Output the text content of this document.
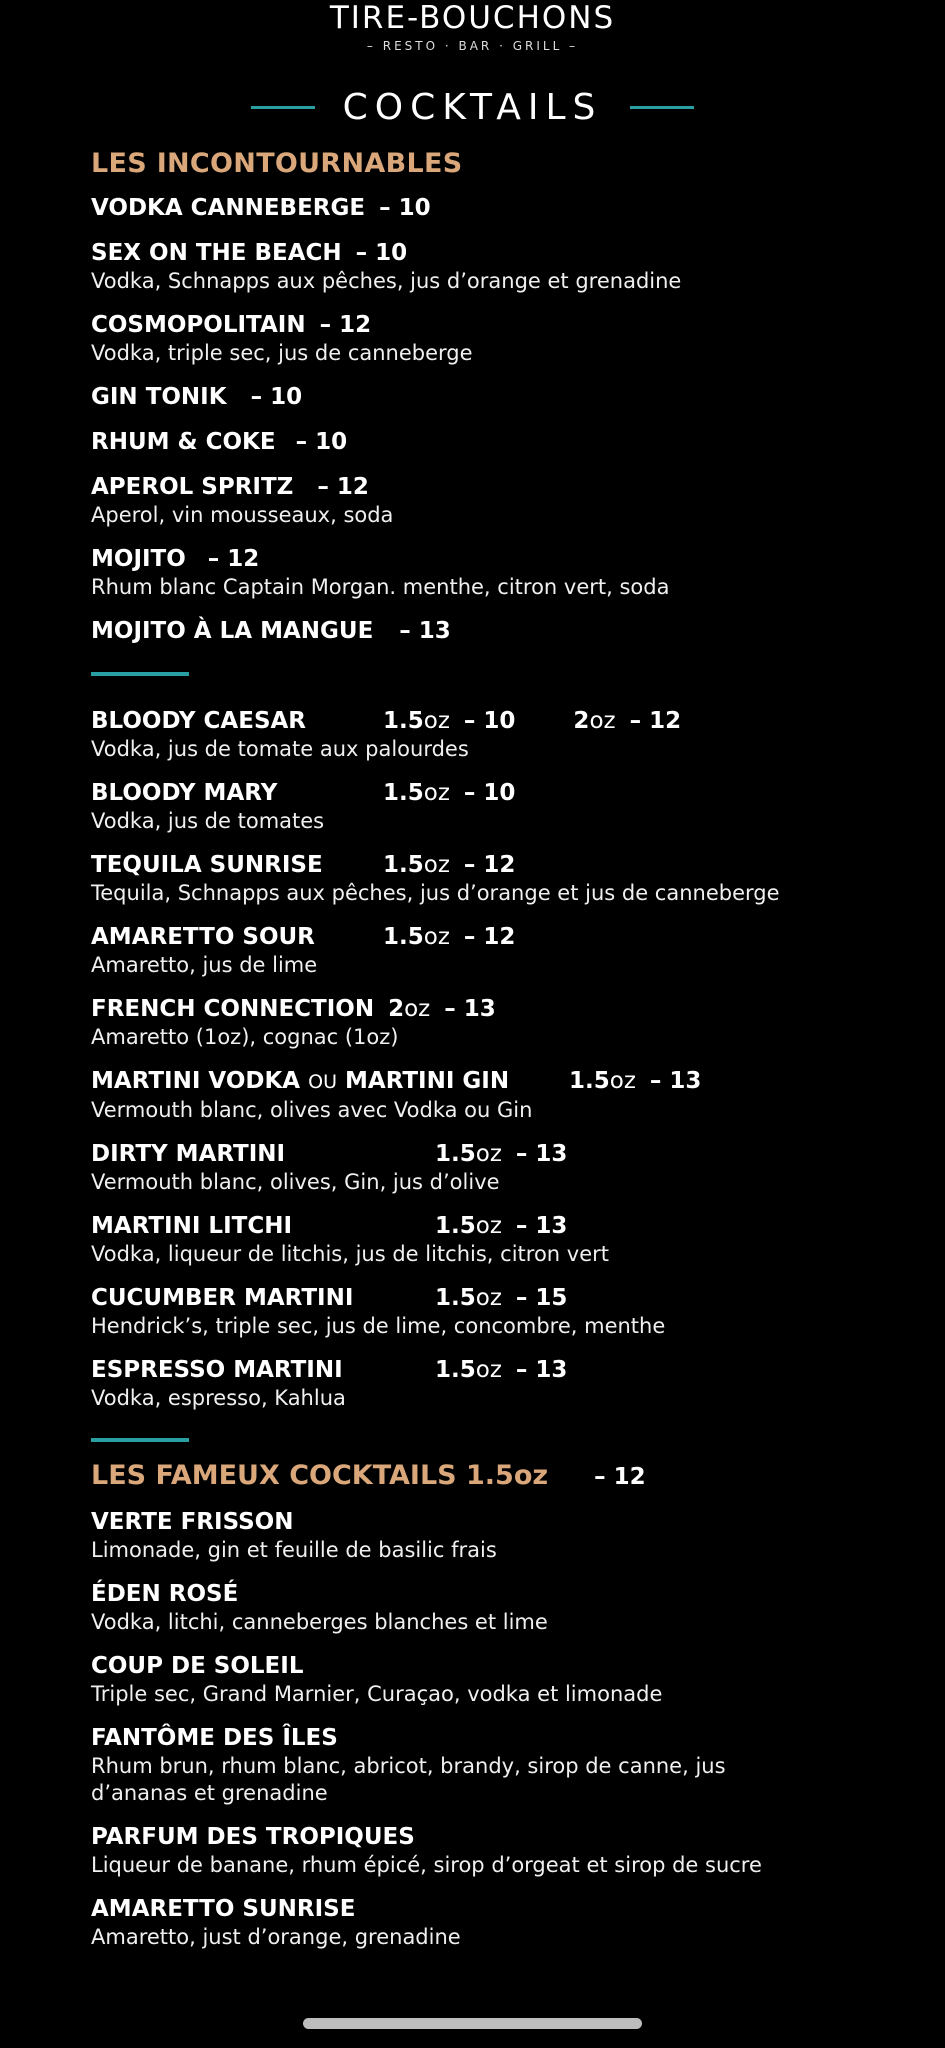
TIRE-BOUCHONS
– RESTO · BAR · GRILL –
COCKTAILS
LES INCONTOURNABLES
VODKA CANNEBERGE – 10
SEX ON THE BEACH – 10
Vodka, Schnapps aux pêches, jus d’orange et grenadine
COSMOPOLITAIN – 12
Vodka, triple sec, jus de canneberge
GIN TONIK – 10
RHUM & COKE – 10
APEROL SPRITZ – 12
Aperol, vin mousseaux, soda
MOJITO – 12
Rhum blanc Captain Morgan. menthe, citron vert, soda
MOJITO À LA MANGUE – 13
BLOODY CAESAR	1.5oz – 10	2oz – 12
Vodka, jus de tomate aux palourdes
BLOODY MARY	1.5oz – 10
Vodka, jus de tomates
TEQUILA SUNRISE	1.5oz – 12
Tequila, Schnapps aux pêches, jus d’orange et jus de canneberge
AMARETTO SOUR	1.5oz – 12
Amaretto, jus de lime
FRENCH CONNECTION 2oz – 13
Amaretto (1oz), cognac (1oz)
MARTINI VODKA OU MARTINI GIN	1.5oz – 13
Vermouth blanc, olives avec Vodka ou Gin
DIRTY MARTINI	1.5oz – 13
Vermouth blanc, olives, Gin, jus d’olive
MARTINI LITCHI	1.5oz – 13
Vodka, liqueur de litchis, jus de litchis, citron vert
CUCUMBER MARTINI	1.5oz – 15
Hendrick’s, triple sec, jus de lime, concombre, menthe
ESPRESSO MARTINI	1.5oz – 13
Vodka, espresso, Kahlua
LES FAMEUX COCKTAILS 1.5oz – 12
VERTE FRISSON
Limonade, gin et feuille de basilic frais
ÉDEN ROSÉ
Vodka, litchi, canneberges blanches et lime
COUP DE SOLEIL
Triple sec, Grand Marnier, Curaçao, vodka et limonade
FANTÔME DES ÎLES
Rhum brun, rhum blanc, abricot, brandy, sirop de canne, jus d’ananas et grenadine
PARFUM DES TROPIQUES
Liqueur de banane, rhum épicé, sirop d’orgeat et sirop de sucre
AMARETTO SUNRISE
Amaretto, just d’orange, grenadine
